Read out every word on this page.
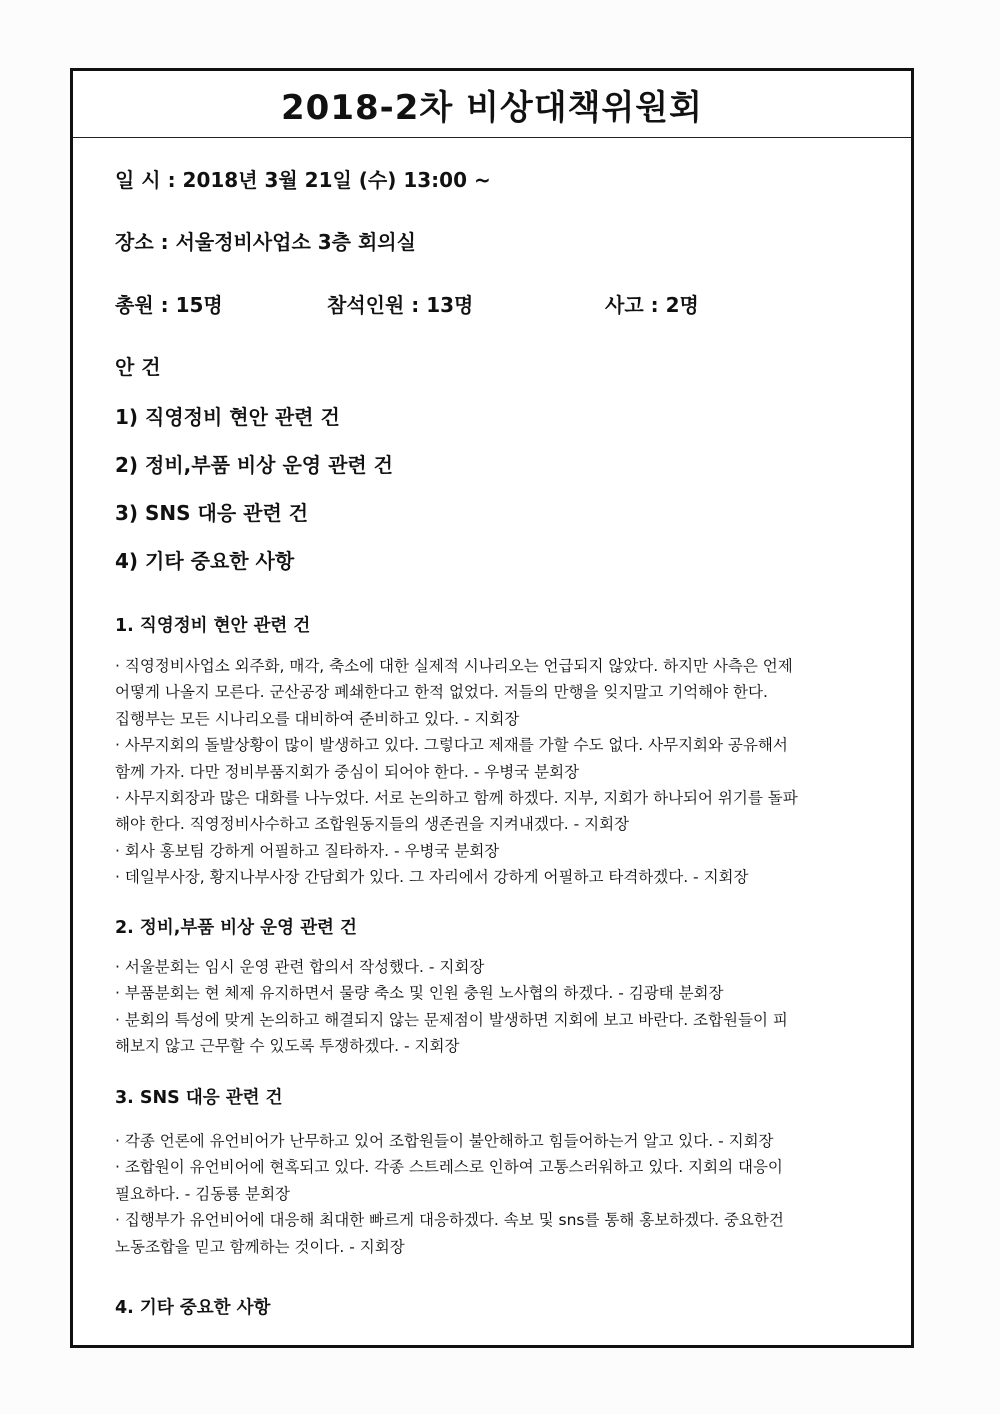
2018-2차 비상대책위원회
일 시 : 2018년 3월 21일 (수) 13:00 ~
장소 : 서울정비사업소 3층 회의실
총원 : 15명	참석인원 : 13명	사고 : 2명
안 건
1) 직영정비 현안 관련 건
2) 정비,부품 비상 운영 관련 건
3) SNS 대응 관련 건
4) 기타 중요한 사항
1. 직영정비 현안 관련 건

· 직영정비사업소 외주화, 매각, 축소에 대한 실제적 시나리오는 언급되지 않았다. 하지만 사측은 언제

어떻게 나올지 모른다. 군산공장 폐쇄한다고 한적 없었다. 저들의 만행을 잊지말고 기억해야 한다.

집행부는 모든 시나리오를 대비하여 준비하고 있다. - 지회장

· 사무지회의 돌발상황이 많이 발생하고 있다. 그렇다고 제재를 가할 수도 없다. 사무지회와 공유해서

함께 가자. 다만 정비부품지회가 중심이 되어야 한다. - 우병국 분회장

· 사무지회장과 많은 대화를 나누었다. 서로 논의하고 함께 하겠다. 지부, 지회가 하나되어 위기를 돌파

해야 한다. 직영정비사수하고 조합원동지들의 생존권을 지켜내겠다. - 지회장

· 회사 홍보팀 강하게 어필하고 질타하자. - 우병국 분회장

· 데일부사장, 황지나부사장 간담회가 있다. 그 자리에서 강하게 어필하고 타격하겠다. - 지회장

2. 정비,부품 비상 운영 관련 건

· 서울분회는 임시 운영 관련 합의서 작성했다. - 지회장

· 부품분회는 현 체제 유지하면서 물량 축소 및 인원 충원 노사협의 하겠다. - 김광태 분회장

· 분회의 특성에 맞게 논의하고 해결되지 않는 문제점이 발생하면 지회에 보고 바란다. 조합원들이 피

해보지 않고 근무할 수 있도록 투쟁하겠다. - 지회장

3. SNS 대응 관련 건

· 각종 언론에 유언비어가 난무하고 있어 조합원들이 불안해하고 힘들어하는거 알고 있다. - 지회장

· 조합원이 유언비어에 현혹되고 있다. 각종 스트레스로 인하여 고통스러워하고 있다. 지회의 대응이

필요하다. - 김동룡 분회장

· 집행부가 유언비어에 대응해 최대한 빠르게 대응하겠다. 속보 및 sns를 통해 홍보하겠다. 중요한건

노동조합을 믿고 함께하는 것이다. - 지회장

4. 기타 중요한 사항
